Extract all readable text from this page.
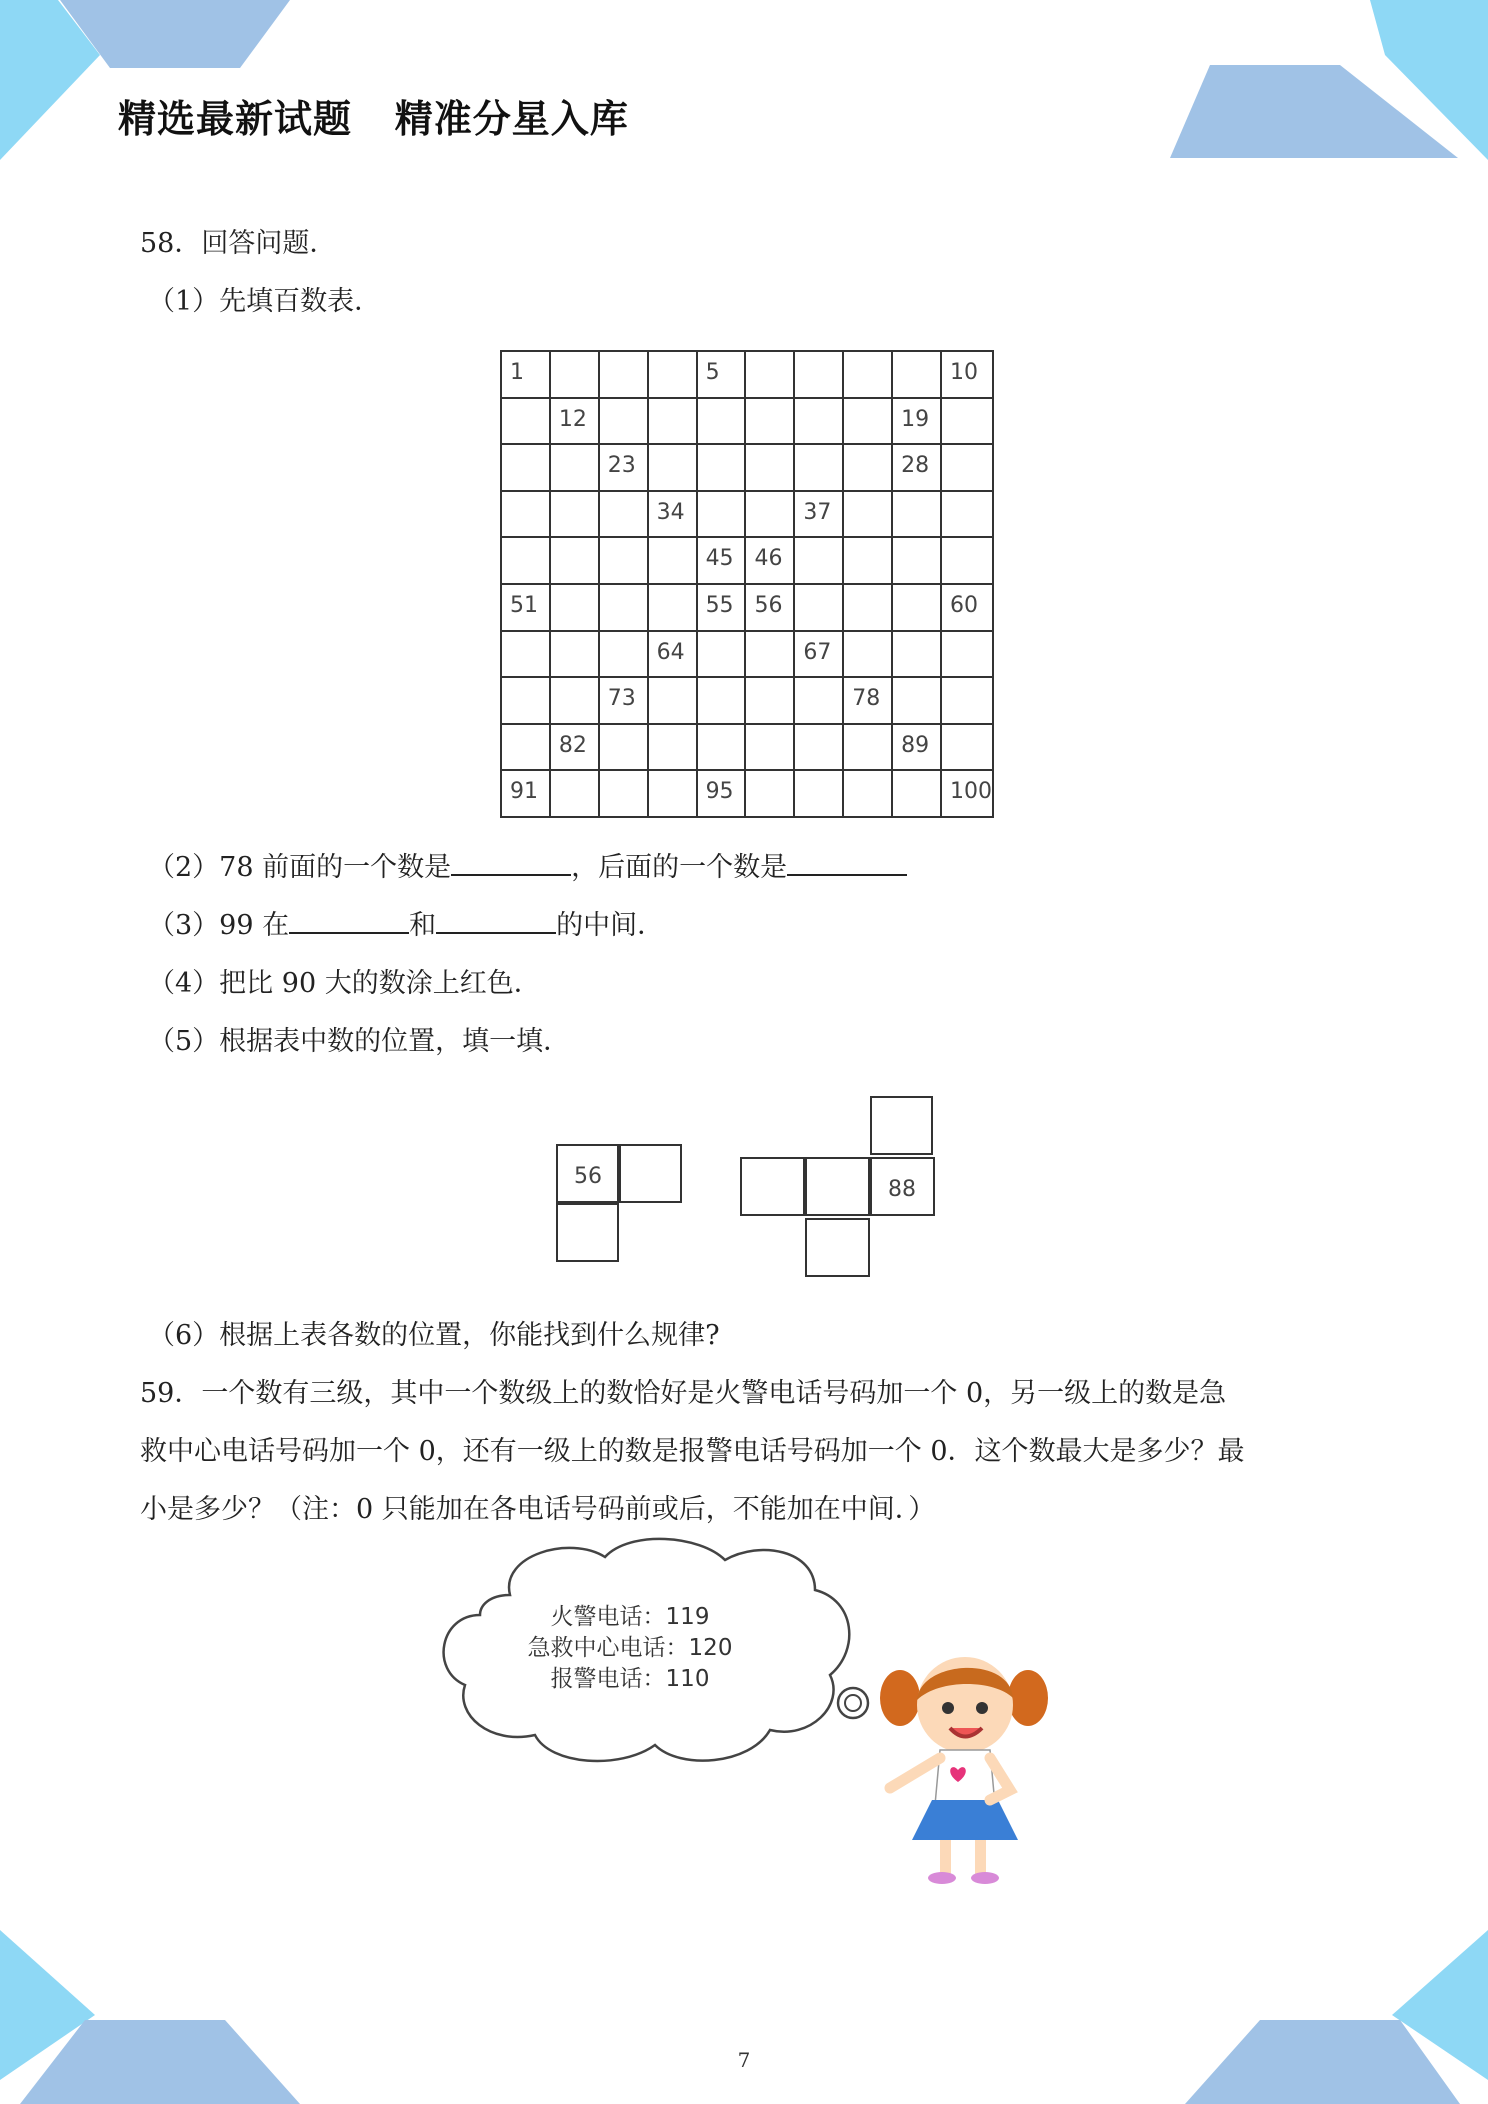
精选最新试题   精准分星入库
58．回答问题．
（1）先填百数表．
1				5					10

	12							19	

		23						28	

			34			37			

				45	46				

51				55	56				60

			64			67			

		73					78		

	82							89	

91				95					100
（2）78 前面的一个数是	，后面的一个数是
（3）99 在	和	的中间．
（4）把比 90 大的数涂上红色．
（5）根据表中数的位置，填一填．
56
88
（6）根据上表各数的位置，你能找到什么规律?
59．一个数有三级，其中一个数级上的数恰好是火警电话号码加一个 0，另一级上的数是急
救中心电话号码加一个 0，还有一级上的数是报警电话号码加一个 0．这个数最大是多少？最
小是多少？（注：0 只能加在各电话号码前或后，不能加在中间．）
火警电话：119
急救中心电话：120
报警电话：110
7
